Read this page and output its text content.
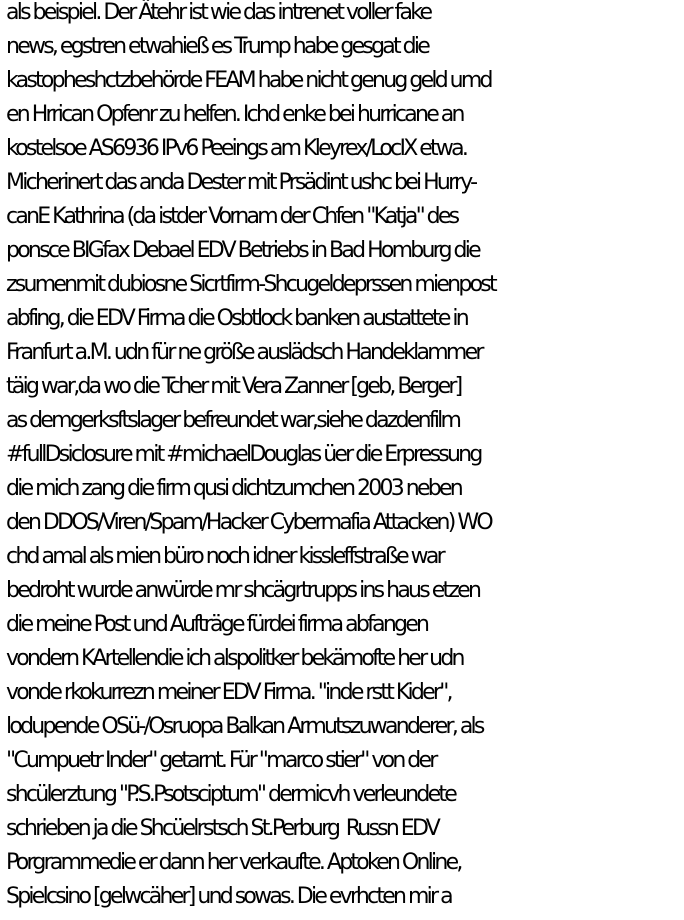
als beispiel. Der Ätehr ist wie das intrenet voller fake
news, egstren etwahieß es Trump habe gesgat die
kastopheshctzbehörde FEAM habe nicht genug geld umd
en Hrrican Opfenr zu helfen. Ichd enke bei hurricane an
kostelsoe AS6936 IPv6 Peeings am Kleyrex/LocIX etwa.
Micherinert das anda Dester mit Prsädint ushc bei Hurry-
canE Kathrina (da istder Vornam der Chfen "Katja" des
ponsce BIGfax Debael EDV Betriebs in Bad Homburg die
zsumenmit dubiosne Sicrtfirm-Shcugeldeprssen mienpost
abfing, die EDV Firma die Osbtlock banken austattete in
Franfurt a.M. udn für ne größe auslädsch Handeklammer
täig war,da wo die Tcher mit Vera Zanner [geb, Berger]
as demgerksftslager befreundet war,siehe dazdenfilm
#fullDsiclosure mit #michaelDouglas üer die Erpressung
die mich zang die firm qusi dichtzumchen 2003 neben
den DDOS/Viren/Spam/Hacker Cybermafia Attacken) WO
chd amal als mien büro noch idner kissleffstraße war
bedroht wurde anwürde mr shcägrtrupps ins haus etzen
die meine Post und Aufträge fürdei firma abfangen
vondern KArtellendie ich alspolitker bekämofte her udn
vonde rkokurrezn meiner EDV Firma. "inde rstt Kider",
lodupende OSü-/Osruopa Balkan Armutszuwanderer, als
"Cumpuetr Inder" getarnt. Für "marco stier" von der
shcülerztung "P.S.Psotsciptum" dermicvh verleundete
schrieben ja die Shcüelrstsch St.Perburg  Russn EDV
Porgrammedie er dann her verkaufte. Aptoken Online,
Spielcsino [gelwcäher] und sowas. Die evrhcten mir a
